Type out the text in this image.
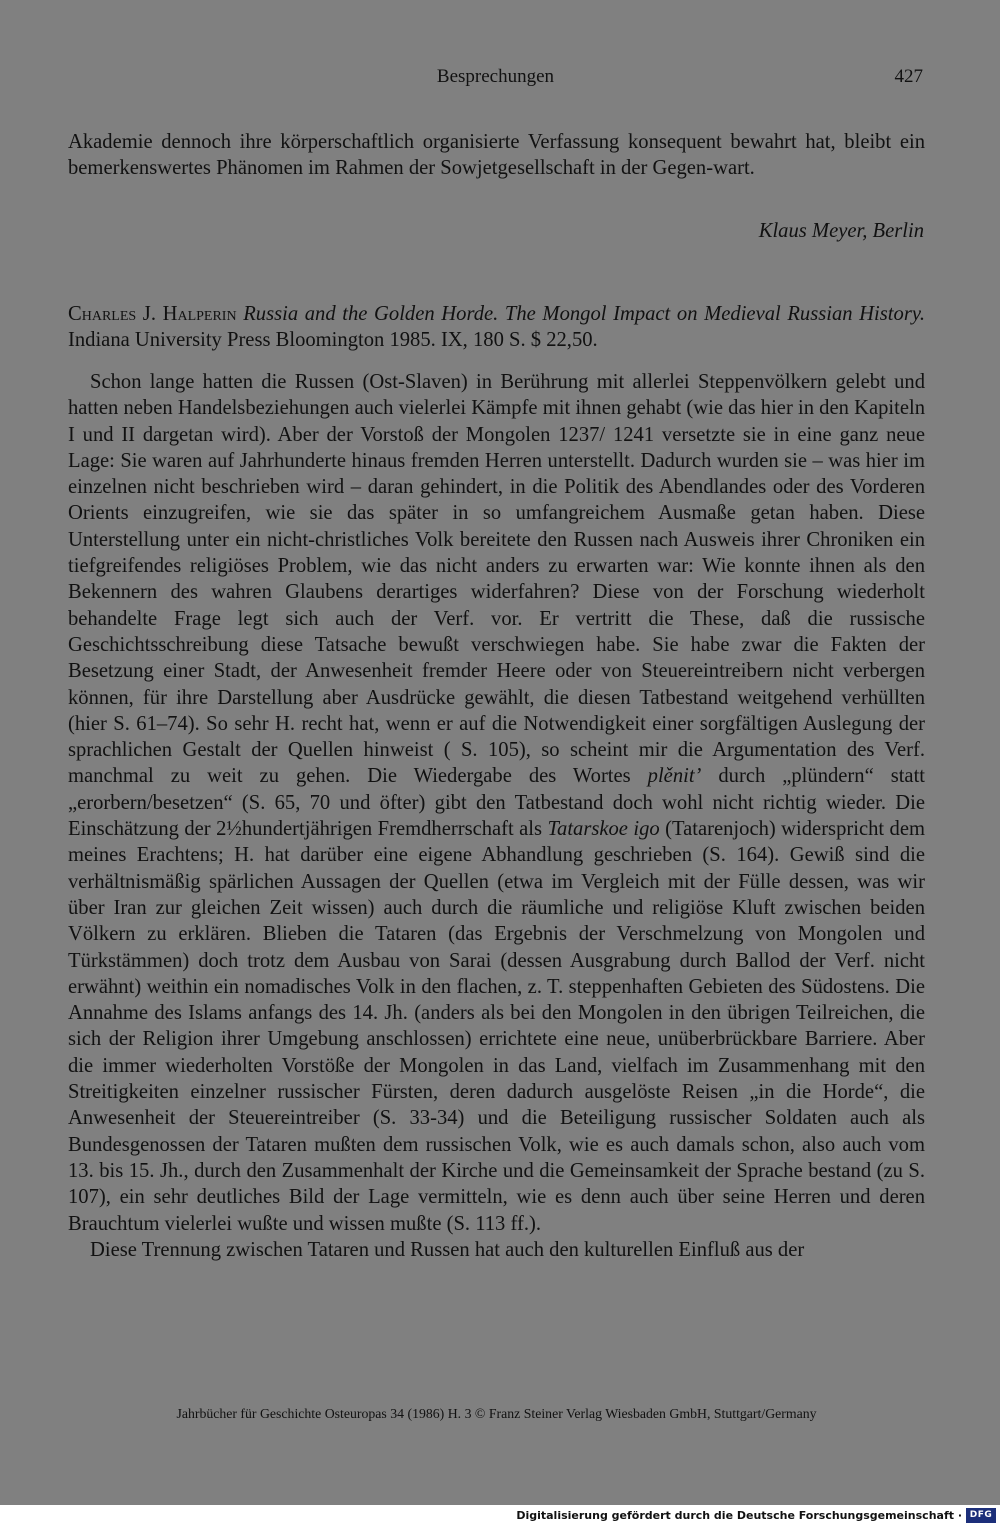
Besprechungen	427
Akademie dennoch ihre körperschaftlich organisierte Verfassung konsequent bewahrt hat, bleibt ein bemerkenswertes Phänomen im Rahmen der Sowjetgesellschaft in der Gegen-wart.
Klaus Meyer, Berlin
Charles J. Halperin Russia and the Golden Horde. The Mongol Impact on Medieval Russian History. Indiana University Press Bloomington 1985. IX, 180 S. $ 22,50.

Schon lange hatten die Russen (Ost-Slaven) in Berührung mit allerlei Steppenvölkern gelebt und hatten neben Handelsbeziehungen auch vielerlei Kämpfe mit ihnen gehabt (wie das hier in den Kapiteln I und II dargetan wird). Aber der Vorstoß der Mongolen 1237/ 1241 versetzte sie in eine ganz neue Lage: Sie waren auf Jahrhunderte hinaus fremden Herren unterstellt. Dadurch wurden sie – was hier im einzelnen nicht beschrieben wird – daran gehindert, in die Politik des Abendlandes oder des Vorderen Orients einzugreifen, wie sie das später in so umfangreichem Ausmaße getan haben. Diese Unterstellung unter ein nicht-christliches Volk bereitete den Russen nach Ausweis ihrer Chroniken ein tiefgreifendes religiöses Problem, wie das nicht anders zu erwarten war: Wie konnte ihnen als den Bekennern des wahren Glaubens derartiges widerfahren? Diese von der Forschung wiederholt behandelte Frage legt sich auch der Verf. vor. Er vertritt die These, daß die russische Geschichtsschreibung diese Tatsache bewußt verschwiegen habe. Sie habe zwar die Fakten der Besetzung einer Stadt, der Anwesenheit fremder Heere oder von Steuereintreibern nicht verbergen können, für ihre Darstellung aber Ausdrücke gewählt, die diesen Tatbestand weitgehend verhüllten (hier S. 61–74). So sehr H. recht hat, wenn er auf die Notwendigkeit einer sorgfältigen Auslegung der sprachlichen Gestalt der Quellen hinweist ( S. 105), so scheint mir die Argumentation des Verf. manchmal zu weit zu gehen. Die Wiedergabe des Wortes plěnit’ durch „plündern“ statt „erorbern/besetzen“ (S. 65, 70 und öfter) gibt den Tatbestand doch wohl nicht richtig wieder. Die Einschätzung der 2½hundertjährigen Fremdherrschaft als Tatarskoe igo (Tatarenjoch) widerspricht dem meines Erachtens; H. hat darüber eine eigene Abhandlung geschrieben (S. 164). Gewiß sind die verhältnismäßig spärlichen Aussagen der Quellen (etwa im Vergleich mit der Fülle dessen, was wir über Iran zur gleichen Zeit wissen) auch durch die räumliche und religiöse Kluft zwischen beiden Völkern zu erklären. Blieben die Tataren (das Ergebnis der Verschmelzung von Mongolen und Türkstämmen) doch trotz dem Ausbau von Sarai (dessen Ausgrabung durch Ballod der Verf. nicht erwähnt) weithin ein nomadisches Volk in den flachen, z. T. steppenhaften Gebieten des Südostens. Die Annahme des Islams anfangs des 14. Jh. (anders als bei den Mongolen in den übrigen Teilreichen, die sich der Religion ihrer Umgebung anschlossen) errichtete eine neue, unüberbrückbare Barriere. Aber die immer wiederholten Vorstöße der Mongolen in das Land, vielfach im Zusammenhang mit den Streitigkeiten einzelner russischer Fürsten, deren dadurch ausgelöste Reisen „in die Horde“, die Anwesenheit der Steuereintreiber (S. 33-34) und die Beteiligung russischer Soldaten auch als Bundesgenossen der Tataren mußten dem russischen Volk, wie es auch damals schon, also auch vom 13. bis 15. Jh., durch den Zusammenhalt der Kirche und die Gemeinsamkeit der Sprache bestand (zu S. 107), ein sehr deutliches Bild der Lage vermitteln, wie es denn auch über seine Herren und deren Brauchtum vielerlei wußte und wissen mußte (S. 113 ff.).

Diese Trennung zwischen Tataren und Russen hat auch den kulturellen Einfluß aus der

Jahrbücher für Geschichte Osteuropas 34 (1986) H. 3 © Franz Steiner Verlag Wiesbaden GmbH, Stuttgart/Germany
Digitalisierung gefördert durch die Deutsche Forschungsgemeinschaft · DFG
